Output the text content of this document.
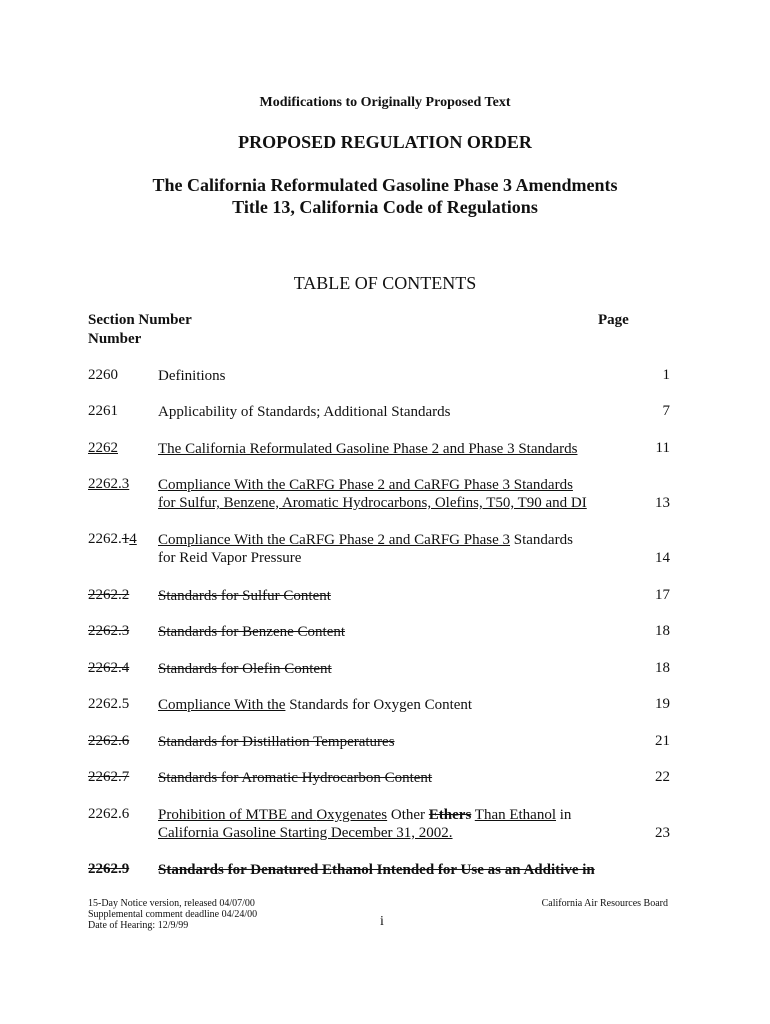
Modifications to Originally Proposed Text
PROPOSED REGULATION ORDER
The California Reformulated Gasoline Phase 3 Amendments
Title 13, California Code of Regulations
TABLE OF CONTENTS
Section Number
Number
Page
2260	Definitions	1
2261	Applicability of Standards; Additional Standards	7
2262	The California Reformulated Gasoline Phase 2 and Phase 3 Standards	11
2262.3 Compliance With the CaRFG Phase 2 and CaRFG Phase 3 Standards
for Sulfur, Benzene, Aromatic Hydrocarbons, Olefins, T50, T90 and DI	13
2262.14 Compliance With the CaRFG Phase 2 and CaRFG Phase 3 Standards
for Reid Vapor Pressure	14
2262.2 Standards for Sulfur Content	17
2262.3 Standards for Benzene Content	18
2262.4 Standards for Olefin Content	18
2262.5 Compliance With the Standards for Oxygen Content	19
2262.6 Standards for Distillation Temperatures	21
2262.7 Standards for Aromatic Hydrocarbon Content	22
2262.6 Prohibition of MTBE and Oxygenates Other Ethers Than Ethanol in
California Gasoline Starting December 31, 2002.	23
2262.9 Standards for Denatured Ethanol Intended for Use as an Additive in
15-Day Notice version, released 04/07/00
Supplemental comment deadline 04/24/00
Date of Hearing: 12/9/99	i
California Air Resources Board
